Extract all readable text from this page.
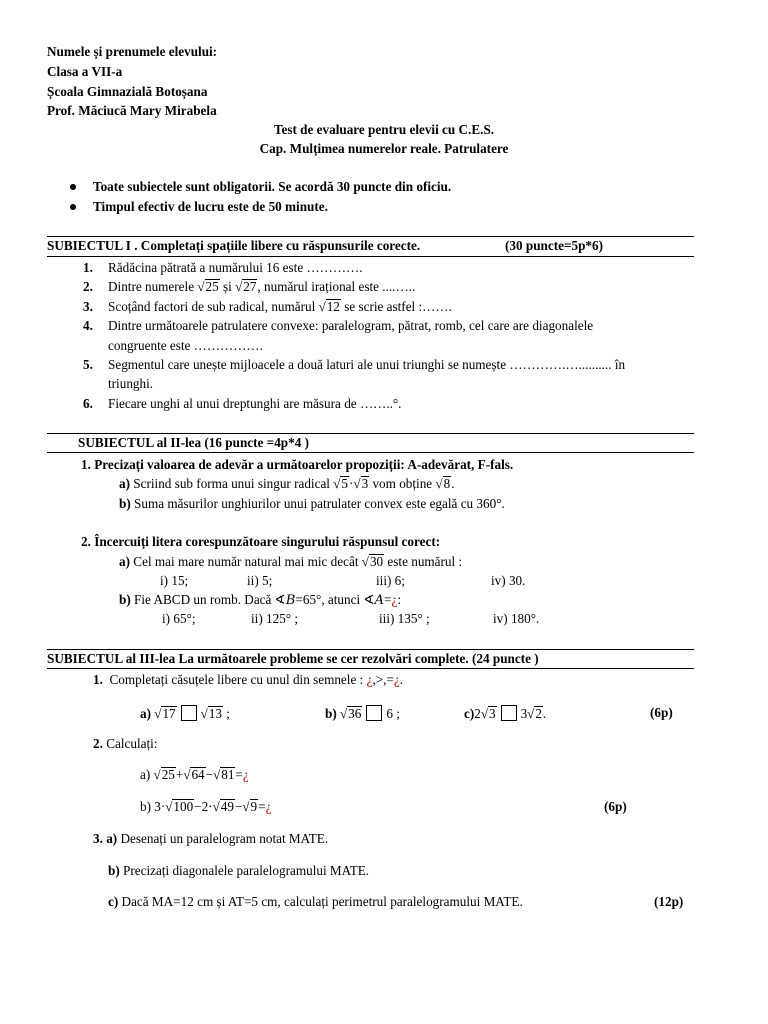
Numele și prenumele elevului:
Clasa a VII-a
Școala Gimnazială Botoșana
Prof. Măciucă Mary Mirabela
Test de evaluare pentru elevii cu C.E.S.
Cap. Mulțimea numerelor reale. Patrulatere
Toate subiectele sunt obligatorii. Se acordă 30 puncte din oficiu.
Timpul efectiv de lucru este de 50 minute.
SUBIECTUL I . Completați spațiile libere cu răspunsurile corecte.	(30 puncte=5p*6)
1. Rădăcina pătrată a numărului 16 este ………….
2. Dintre numerele √25 și √27, numărul irațional este ....…..
3. Scoțând factori de sub radical, numărul √12 se scrie astfel :…….
4. Dintre următoarele patrulatere convexe: paralelogram, pătrat, romb, cel care are diagonalele
congruente este …………….
5. Segmentul care unește mijloacele a două laturi ale unui triunghi se numește ………….….......... în
triunghi.
6. Fiecare unghi al unui dreptunghi are măsura de ……..°.
SUBIECTUL al II-lea (16 puncte =4p*4 )
1. Precizați valoarea de adevăr a următoarelor propoziții: A-adevărat, F-fals.
a) Scriind sub forma unui singur radical √5·√3 vom obține √8.
b) Suma măsurilor unghiurilor unui patrulater convex este egală cu 360°.
2. Încercuiți litera corespunzătoare singurului răspunsul corect:
a) Cel mai mare număr natural mai mic decât √30 este numărul :
i) 15;	ii) 5;	iii) 6;	iv) 30.
b) Fie ABCD un romb. Dacă ∢𝐵=65°, atunci ∢𝐴=¿:
i) 65°;	ii) 125° ;	iii) 135° ;	iv) 180°.
SUBIECTUL al III-lea La următoarele probleme se cer rezolvări complete. (24 puncte )
1. Completați căsuțele libere cu unul din semnele : ¿,>,=¿.
a) √17 √13 ;	b) √36 6 ;	c)2√3 3√2.	(6p)
2. Calculați:
a) √25+√64−√81=¿
b) 3·√100−2·√49−√9=¿	(6p)
3. a) Desenați un paralelogram notat MATE.
b) Precizați diagonalele paralelogramului MATE.
c) Dacă MA=12 cm și AT=5 cm, calculați perimetrul paralelogramului MATE.	(12p)
